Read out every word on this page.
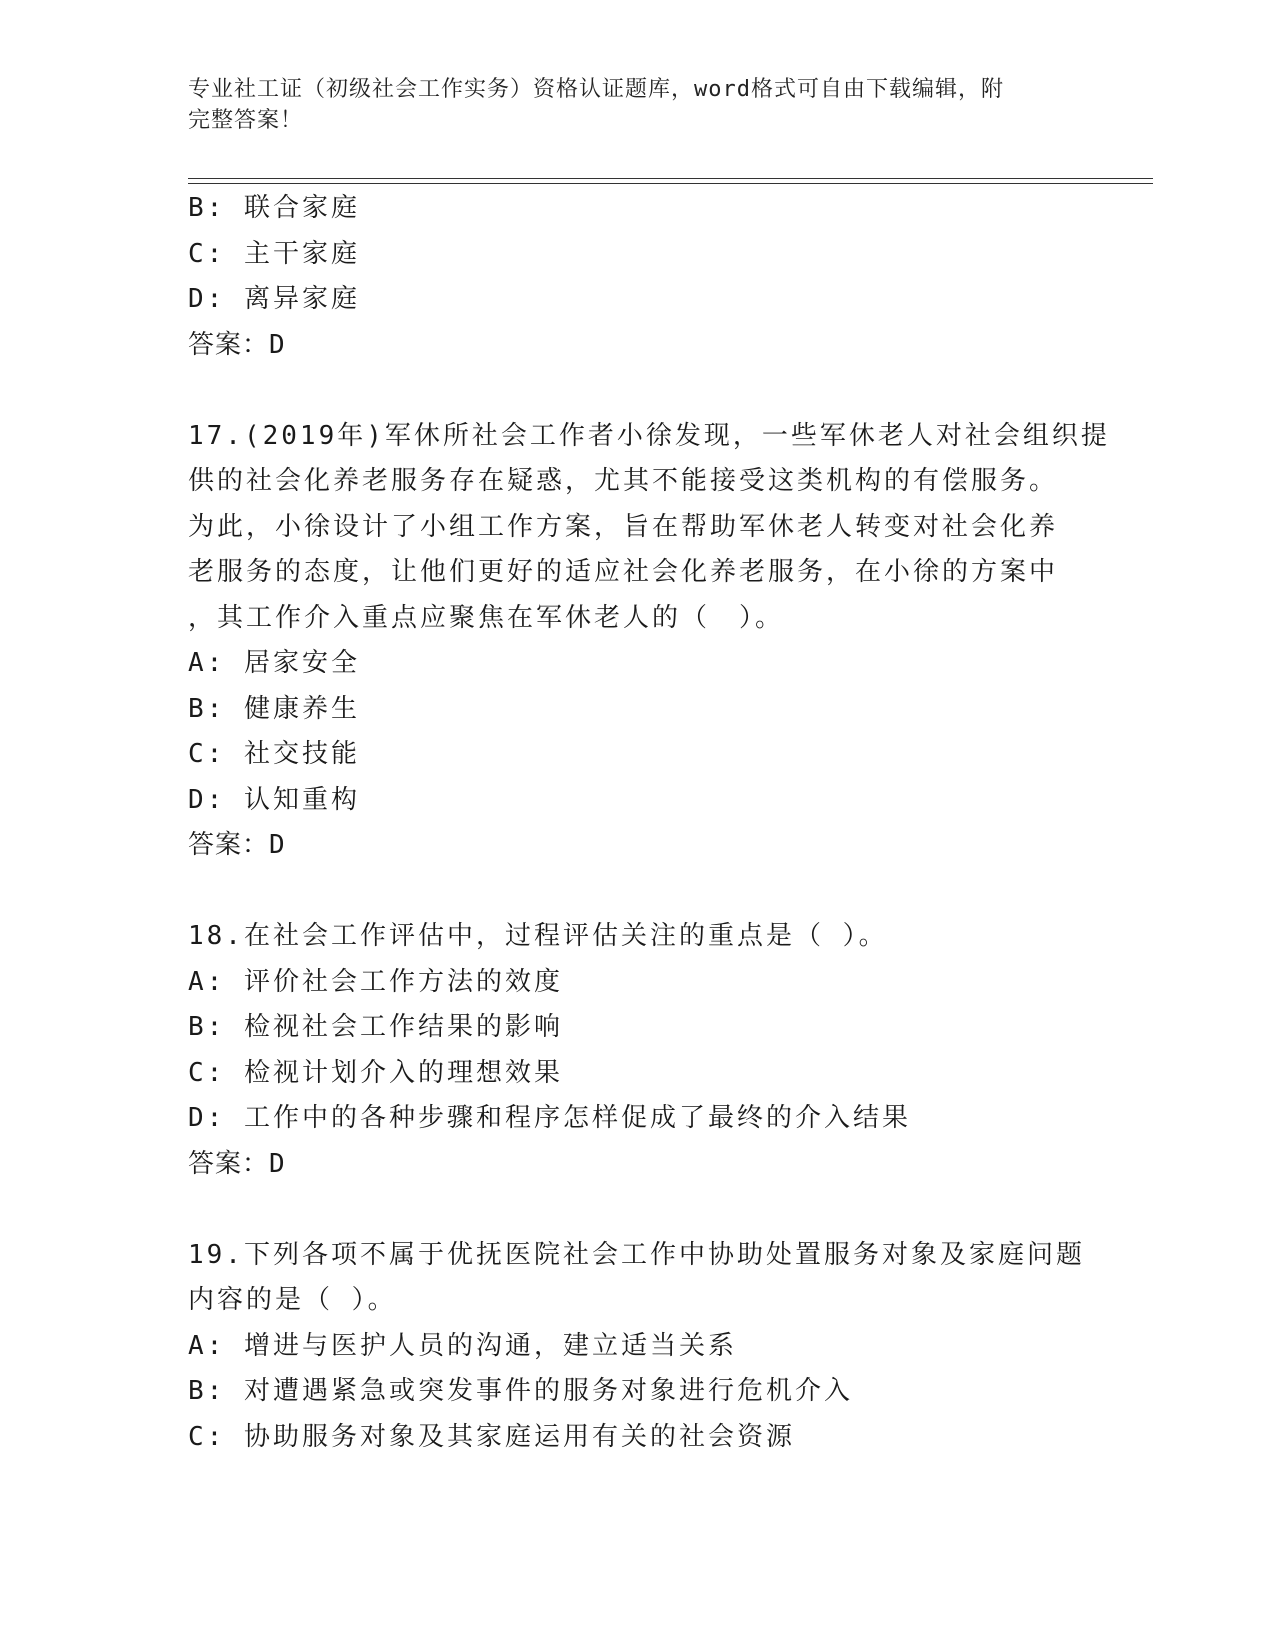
专业社工证（初级社会工作实务）资格认证题库，word格式可自由下载编辑，附
完整答案！
B: 联合家庭
C: 主干家庭
D: 离异家庭
答案：D
17.(2019年)军休所社会工作者小徐发现，一些军休老人对社会组织提
供的社会化养老服务存在疑惑，尤其不能接受这类机构的有偿服务。
为此，小徐设计了小组工作方案，旨在帮助军休老人转变对社会化养
老服务的态度，让他们更好的适应社会化养老服务，在小徐的方案中
，其工作介入重点应聚焦在军休老人的（　）。
A: 居家安全
B: 健康养生
C: 社交技能
D: 认知重构
答案：D
18.在社会工作评估中，过程评估关注的重点是（ ）。
A: 评价社会工作方法的效度
B: 检视社会工作结果的影响
C: 检视计划介入的理想效果
D: 工作中的各种步骤和程序怎样促成了最终的介入结果
答案：D
19.下列各项不属于优抚医院社会工作中协助处置服务对象及家庭问题
内容的是（ ）。
A: 增进与医护人员的沟通，建立适当关系
B: 对遭遇紧急或突发事件的服务对象进行危机介入
C: 协助服务对象及其家庭运用有关的社会资源
